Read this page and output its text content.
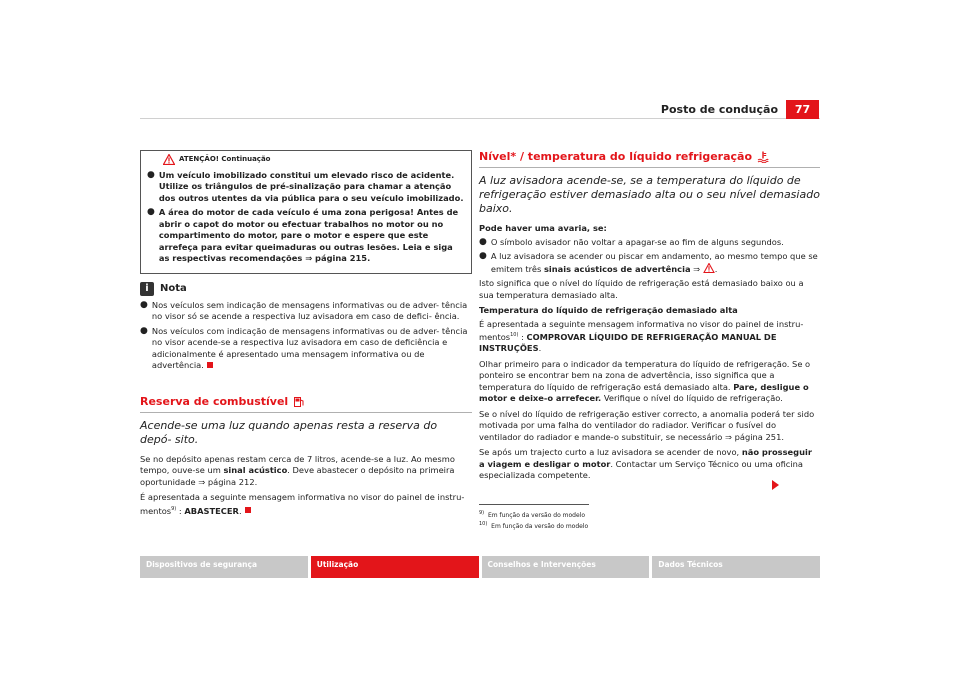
Posto de condução	77
ATENÇÃO! Continuação
● Um veículo imobilizado constitui um elevado risco de acidente. Utilize os triângulos de pré-sinalização para chamar a atenção dos outros utentes da via pública para o seu veículo imobilizado.
● A área do motor de cada veículo é uma zona perigosa! Antes de abrir o capot do motor ou efectuar trabalhos no motor ou no compartimento do motor, pare o motor e espere que este arrefeça para evitar queimaduras ou outras lesões. Leia e siga as respectivas recomendações ⇒ página 215.
i	Nota
● Nos veículos sem indicação de mensagens informativas ou de adver- tência no visor só se acende a respectiva luz avisadora em caso de defici- ência.
● Nos veículos com indicação de mensagens informativas ou de adver- tência no visor acende-se a respectiva luz avisadora em caso de deficiência e adicionalmente é apresentado uma mensagem informativa ou de advertência.
Reserva de combustível
Acende-se uma luz quando apenas resta a reserva do depó- sito.

Se no depósito apenas restam cerca de 7 litros, acende-se a luz. Ao mesmo tempo, ouve-se um sinal acústico. Deve abastecer o depósito na primeira oportunidade ⇒ página 212.

É apresentada a seguinte mensagem informativa no visor do painel de instru- mentos$^{9)}$ : ABASTECER.

Nível* / temperatura do líquido refrigeração
A luz avisadora acende-se, se a temperatura do líquido de refrigeração estiver demasiado alta ou o seu nível demasiado baixo.
Pode haver uma avaria, se:
● O símbolo avisador não voltar a apagar-se ao fim de alguns segundos.
● A luz avisadora se acender ou piscar em andamento, ao mesmo tempo que se emitem três sinais acústicos de advertência ⇒ .

Isto significa que o nível do líquido de refrigeração está demasiado baixo ou a sua temperatura demasiado alta.

Temperatura do líquido de refrigeração demasiado alta

É apresentada a seguinte mensagem informativa no visor do painel de instru- mentos$^{10)}$ : COMPROVAR LÍQUIDO DE REFRIGERAÇÃO MANUAL DE INSTRUÇÕES.

Olhar primeiro para o indicador da temperatura do líquido de refrigeração. Se o ponteiro se encontrar bem na zona de advertência, isso significa que a temperatura do líquido de refrigeração está demasiado alta. Pare, desligue o motor e deixe-o arrefecer. Verifique o nível do líquido de refrigeração.

Se o nível do líquido de refrigeração estiver correcto, a anomalia poderá ter sido motivada por uma falha do ventilador do radiador. Verificar o fusível do ventilador do radiador e mande-o substituir, se necessário ⇒ página 251.

Se após um trajecto curto a luz avisadora se acender de novo, não prosseguir a viagem e desligar o motor. Contactar um Serviço Técnico ou uma oficina especializada competente.

$^{9)}$ Em função da versão do modelo
$^{10)}$ Em função da versão do modelo
Dispositivos de segurança	Utilização	Conselhos e Intervenções	Dados Técnicos
